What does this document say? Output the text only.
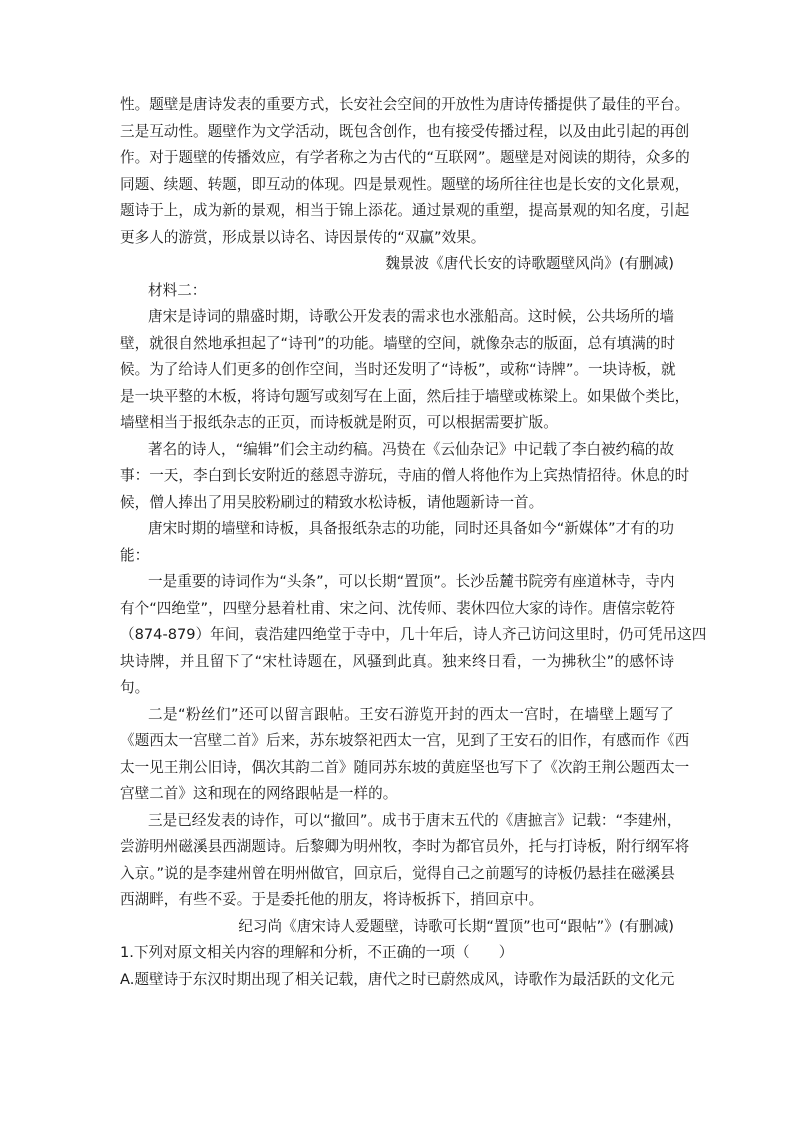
性。题壁是唐诗发表的重要方式，长安社会空间的开放性为唐诗传播提供了最佳的平台。
三是互动性。题壁作为文学活动，既包含创作，也有接受传播过程，以及由此引起的再创
作。对于题壁的传播效应，有学者称之为古代的“互联网”。题壁是对阅读的期待，众多的
同题、续题、转题，即互动的体现。四是景观性。题壁的场所往往也是长安的文化景观，
题诗于上，成为新的景观，相当于锦上添花。通过景观的重塑，提高景观的知名度，引起
更多人的游赏，形成景以诗名、诗因景传的“双赢”效果。
魏景波《唐代长安的诗歌题壁风尚》(有删减)
材料二：
唐宋是诗词的鼎盛时期，诗歌公开发表的需求也水涨船高。这时候，公共场所的墙
壁，就很自然地承担起了“诗刊”的功能。墙壁的空间，就像杂志的版面，总有填满的时
候。为了给诗人们更多的创作空间，当时还发明了“诗板”，或称“诗牌”。一块诗板，就
是一块平整的木板，将诗句题写或刻写在上面，然后挂于墙壁或栋梁上。如果做个类比，
墙壁相当于报纸杂志的正页，而诗板就是附页，可以根据需要扩版。
著名的诗人，“编辑”们会主动约稿。冯贽在《云仙杂记》中记载了李白被约稿的故
事：一天，李白到长安附近的慈恩寺游玩，寺庙的僧人将他作为上宾热情招待。休息的时
候，僧人捧出了用吴胶粉刷过的精致水松诗板，请他题新诗一首。
唐宋时期的墙壁和诗板，具备报纸杂志的功能，同时还具备如今“新媒体”才有的功
能：
一是重要的诗词作为“头条”，可以长期“置顶”。长沙岳麓书院旁有座道林寺，寺内
有个“四绝堂”，四壁分悬着杜甫、宋之问、沈传师、裴休四位大家的诗作。唐僖宗乾符
（874-879）年间，袁浩建四绝堂于寺中，几十年后，诗人齐己访问这里时，仍可凭吊这四
块诗牌，并且留下了“宋杜诗题在，风骚到此真。独来终日看，一为拂秋尘”的感怀诗
句。
二是“粉丝们”还可以留言跟帖。王安石游览开封的西太一宫时，在墙壁上题写了
《题西太一宫壁二首》后来，苏东坡祭祀西太一宫，见到了王安石的旧作，有感而作《西
太一见王荆公旧诗，偶次其韵二首》随同苏东坡的黄庭坚也写下了《次韵王荆公题西太一
宫壁二首》这和现在的网络跟帖是一样的。
三是已经发表的诗作，可以“撤回”。成书于唐末五代的《唐摭言》记载：“李建州，
尝游明州磁溪县西湖题诗。后黎卿为明州牧，李时为都官员外，托与打诗板，附行纲军将
入京。”说的是李建州曾在明州做官，回京后，觉得自己之前题写的诗板仍悬挂在磁溪县
西湖畔，有些不妥。于是委托他的朋友，将诗板拆下，捎回京中。
纪习尚《唐宋诗人爱题壁，诗歌可长期“置顶”也可“跟帖”》(有删减)
1.下列对原文相关内容的理解和分析，不正确的一项（　　）
A.题壁诗于东汉时期出现了相关记载，唐代之时已蔚然成风，诗歌作为最活跃的文化元
